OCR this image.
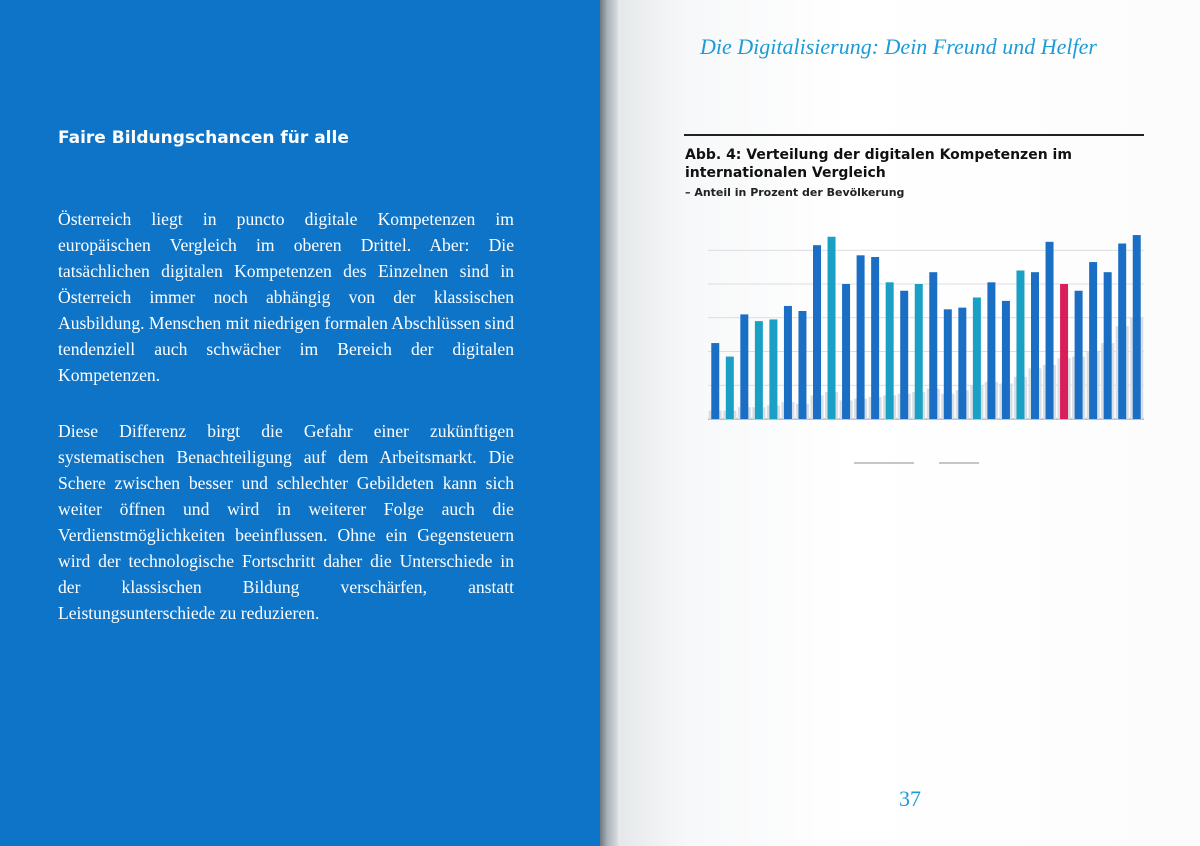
Faire Bildungschancen für alle

Österreich liegt in puncto digitale Kompetenzen im europäischen Vergleich im oberen Drittel. Aber: Die tatsächlichen digitalen Kompetenzen des Einzelnen sind in Österreich immer noch abhängig von der klassischen Ausbildung. Menschen mit niedrigen formalen Abschlüssen sind tendenziell auch schwächer im Bereich der digitalen Kompetenzen.

Diese Differenz birgt die Gefahr einer zukünftigen systematischen Benachteiligung auf dem Arbeitsmarkt. Die Schere zwischen besser und schlechter Gebildeten kann sich weiter öffnen und wird in weiterer Folge auch die Verdienstmöglichkeiten beeinflussen. Ohne ein Gegensteuern wird der technologische Fortschritt daher die Unterschiede in der klassischen Bildung verschärfen, anstatt Leistungsunterschiede zu reduzieren.

Die Digitalisierung: Dein Freund und Helfer
Abb. 4: Verteilung der digitalen Kompetenzen im internationalen Vergleich
– Anteil in Prozent der Bevölkerung
37
